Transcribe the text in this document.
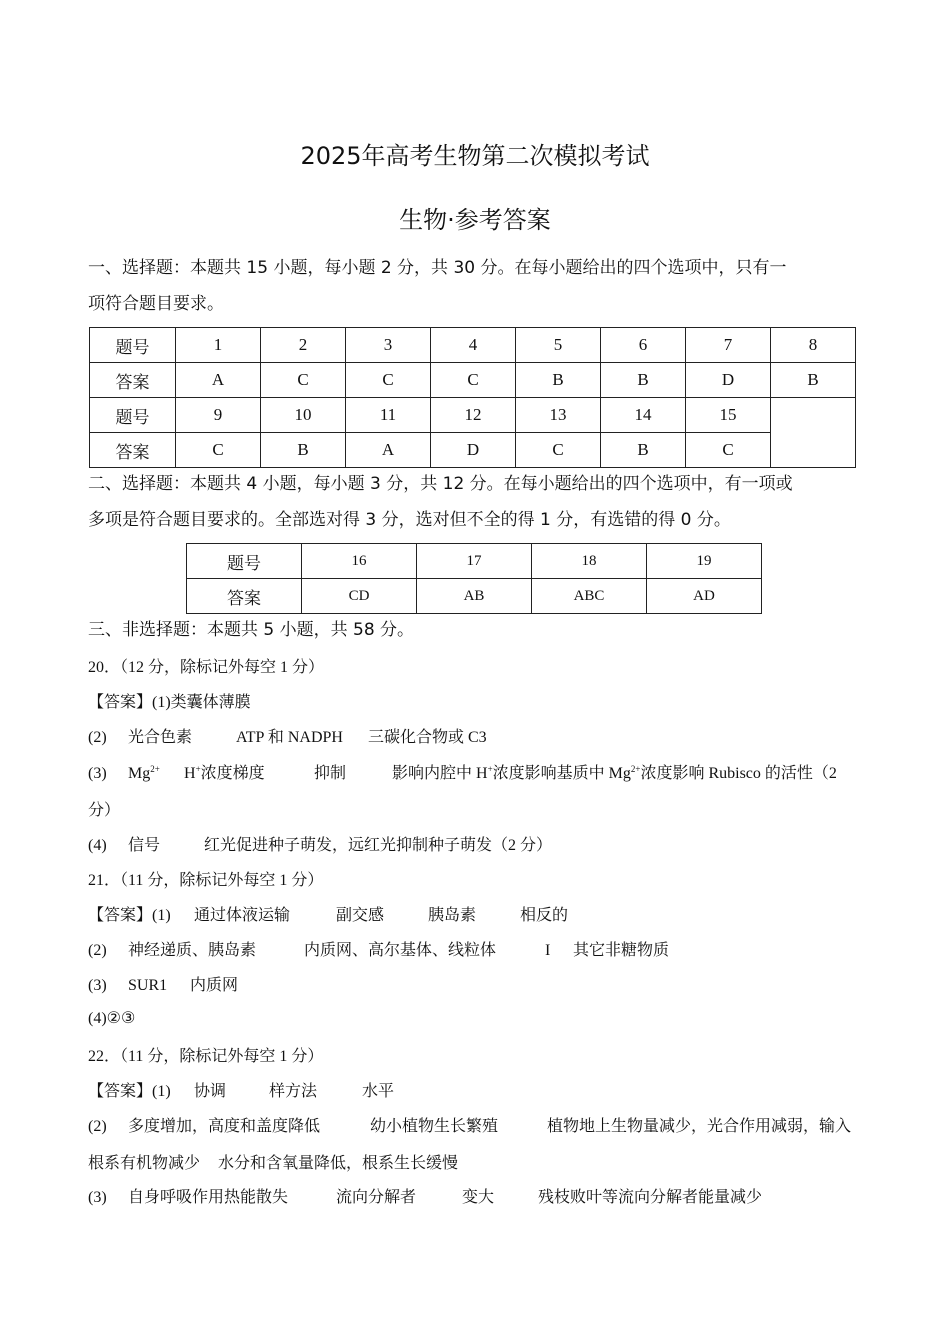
2025年高考生物第二次模拟考试
生物·参考答案
一、选择题：本题共 15 小题，每小题 2 分，共 30 分。在每小题给出的四个选项中，只有一
项符合题目要求。
题号	1	2	3	4	5	6	7	8
答案	A	C	C	C	B	B	D	B
题号	9	10	11	12	13	14	15	
答案	C	B	A	D	C	B	C	
二、选择题：本题共 4 小题，每小题 3 分，共 12 分。在每小题给出的四个选项中，有一项或
多项是符合题目要求的。全部选对得 3 分，选对但不全的得 1 分，有选错的得 0 分。
题号	16	17	18	19
答案	CD	AB	ABC	AD
三、非选择题：本题共 5 小题，共 58 分。
20．（12 分，除标记外每空 1 分）
【答案】(1)类囊体薄膜
(2) 光合色素	ATP 和 NADPH 三碳化合物或 C3
(3) $Mg^{2+}$ H+浓度梯度	抑制	影响内腔中 H+浓度影响基质中 $Mg^{2+}$浓度影响 Rubisco 的活性（2
分）
(4) 信号	红光促进种子萌发，远红光抑制种子萌发（2 分）
21．（11 分，除标记外每空 1 分）
【答案】(1) 通过体液运输	副交感	胰岛素	相反的
(2) 神经递质、胰岛素	内质网、高尔基体、线粒体	I 其它非糖物质
(3) SUR1 内质网
(4)②③
22．（11 分，除标记外每空 1 分）
【答案】(1) 协调	样方法	水平
(2) 多度增加，高度和盖度降低	幼小植物生长繁殖	植物地上生物量减少，光合作用减弱，输入
根系有机物减少 水分和含氧量降低，根系生长缓慢
(3) 自身呼吸作用热能散失	流向分解者	变大	残枝败叶等流向分解者能量减少
